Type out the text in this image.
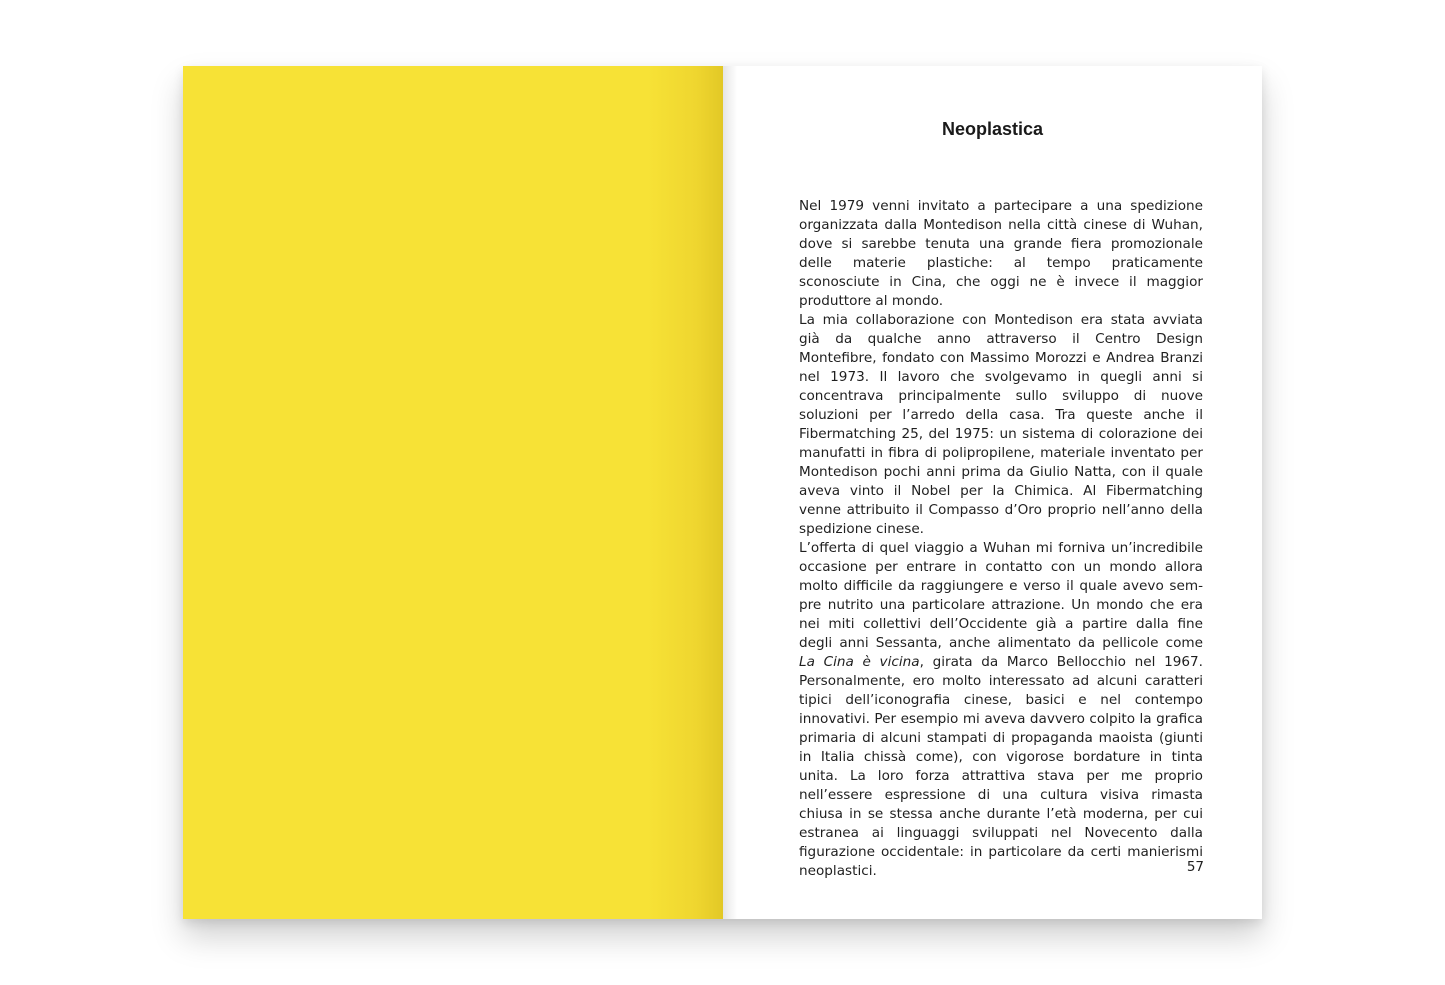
Neoplastica

Nel 1979 venni invitato a partecipare a una spedizione organizzata dalla Montedison nella città cinese di Wuhan, dove si sarebbe tenuta una grande fiera promozionale delle materie plastiche: al tempo praticamente sconosciute in Cina, che oggi ne è invece il maggior produttore al mondo.

La mia collaborazione con Montedison era stata avviata già da qualche anno attraverso il Centro Design Montefibre, fondato con Massimo Morozzi e Andrea Branzi nel 1973. Il lavoro che svolgevamo in quegli anni si concentrava principalmente sullo sviluppo di nuove soluzioni per l’arredo della casa. Tra queste anche il Fibermatching 25, del 1975: un sistema di colorazione dei manufatti in fibra di polipropilene, materiale inventato per Montedison pochi anni prima da Giulio Natta, con il quale aveva vinto il Nobel per la Chimica. Al Fibermatching venne attribuito il Compasso d’Oro proprio nell’anno della spedizione cinese.

L’offerta di quel viaggio a Wuhan mi forniva un’incredibile occasione per entrare in contatto con un mondo allora molto difficile da raggiungere e verso il quale avevo sempre nutrito una particolare attrazione. Un mondo che era nei miti collettivi dell’Occidente già a partire dalla fine degli anni Sessanta, anche alimentato da pellicole come La Cina è vicina, girata da Marco Bellocchio nel 1967. Personalmente, ero molto interessato ad alcuni caratteri tipici dell’iconografia cinese, basici e nel contempo innovativi. Per esempio mi aveva davvero colpito la grafica primaria di alcuni stampati di propaganda maoista (giunti in Italia chissà come), con vigorose bordature in tinta unita. La loro forza attrattiva stava per me proprio nell’essere espressione di una cultura visiva rimasta chiusa in se stessa anche durante l’età moderna, per cui estranea ai linguaggi sviluppati nel Novecento dalla figurazione occidentale: in particolare da certi manierismi neoplastici.	57
